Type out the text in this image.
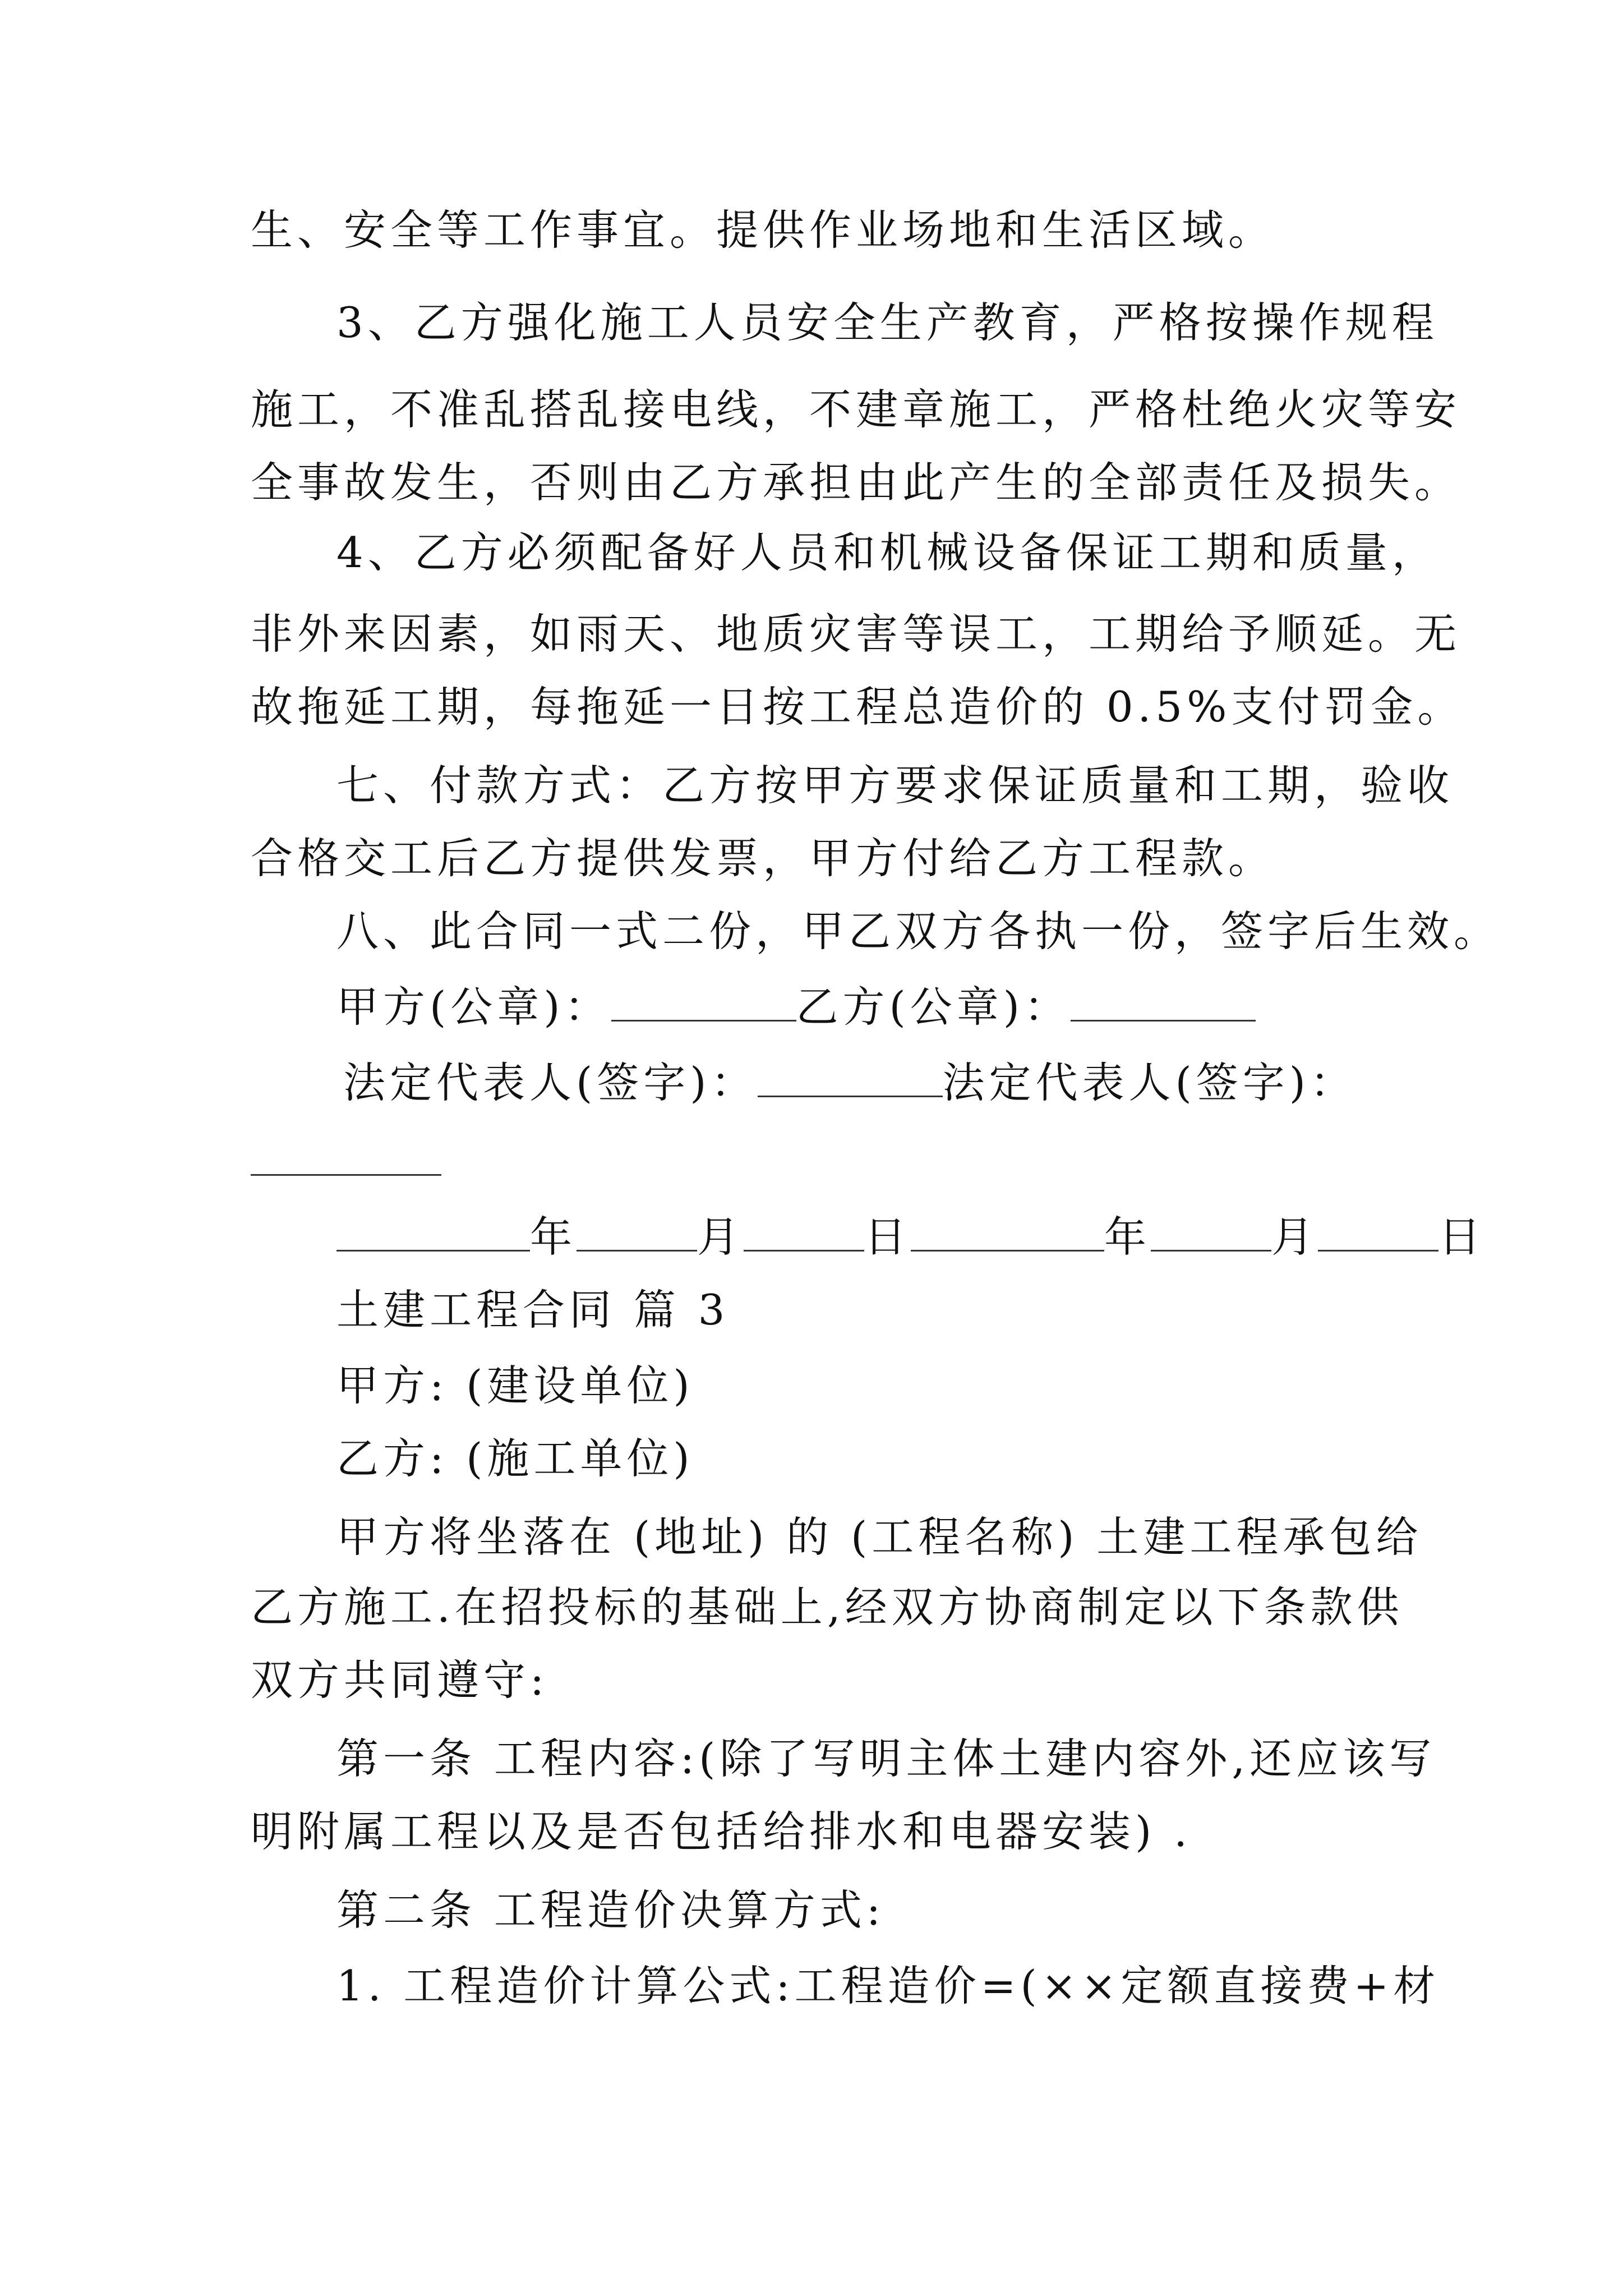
生、安全等工作事宜。提供作业场地和生活区域。
3、乙方强化施工人员安全生产教育，严格按操作规程
施工，不准乱搭乱接电线，不建章施工，严格杜绝火灾等安
全事故发生，否则由乙方承担由此产生的全部责任及损失。
4、乙方必须配备好人员和机械设备保证工期和质量，
非外来因素，如雨天、地质灾害等误工，工期给予顺延。无
故拖延工期，每拖延一日按工程总造价的 0.5%支付罚金。
七、付款方式：乙方按甲方要求保证质量和工期，验收
合格交工后乙方提供发票，甲方付给乙方工程款。
八、此合同一式二份，甲乙双方各执一份，签字后生效。
甲方(公章)：	乙方(公章)：
法定代表人(签字)：	法定代表人(签字)：
年	月	日	年	月	日
土建工程合同 篇 3
甲方: (建设单位)
乙方: (施工单位)
甲方将坐落在 (地址) 的 (工程名称) 土建工程承包给
乙方施工.在招投标的基础上,经双方协商制定以下条款供
双方共同遵守:
第一条 工程内容:(除了写明主体土建内容外,还应该写
明附属工程以及是否包括给排水和电器安装) .
第二条 工程造价决算方式:
1. 工程造价计算公式:工程造价=(××定额直接费+材
